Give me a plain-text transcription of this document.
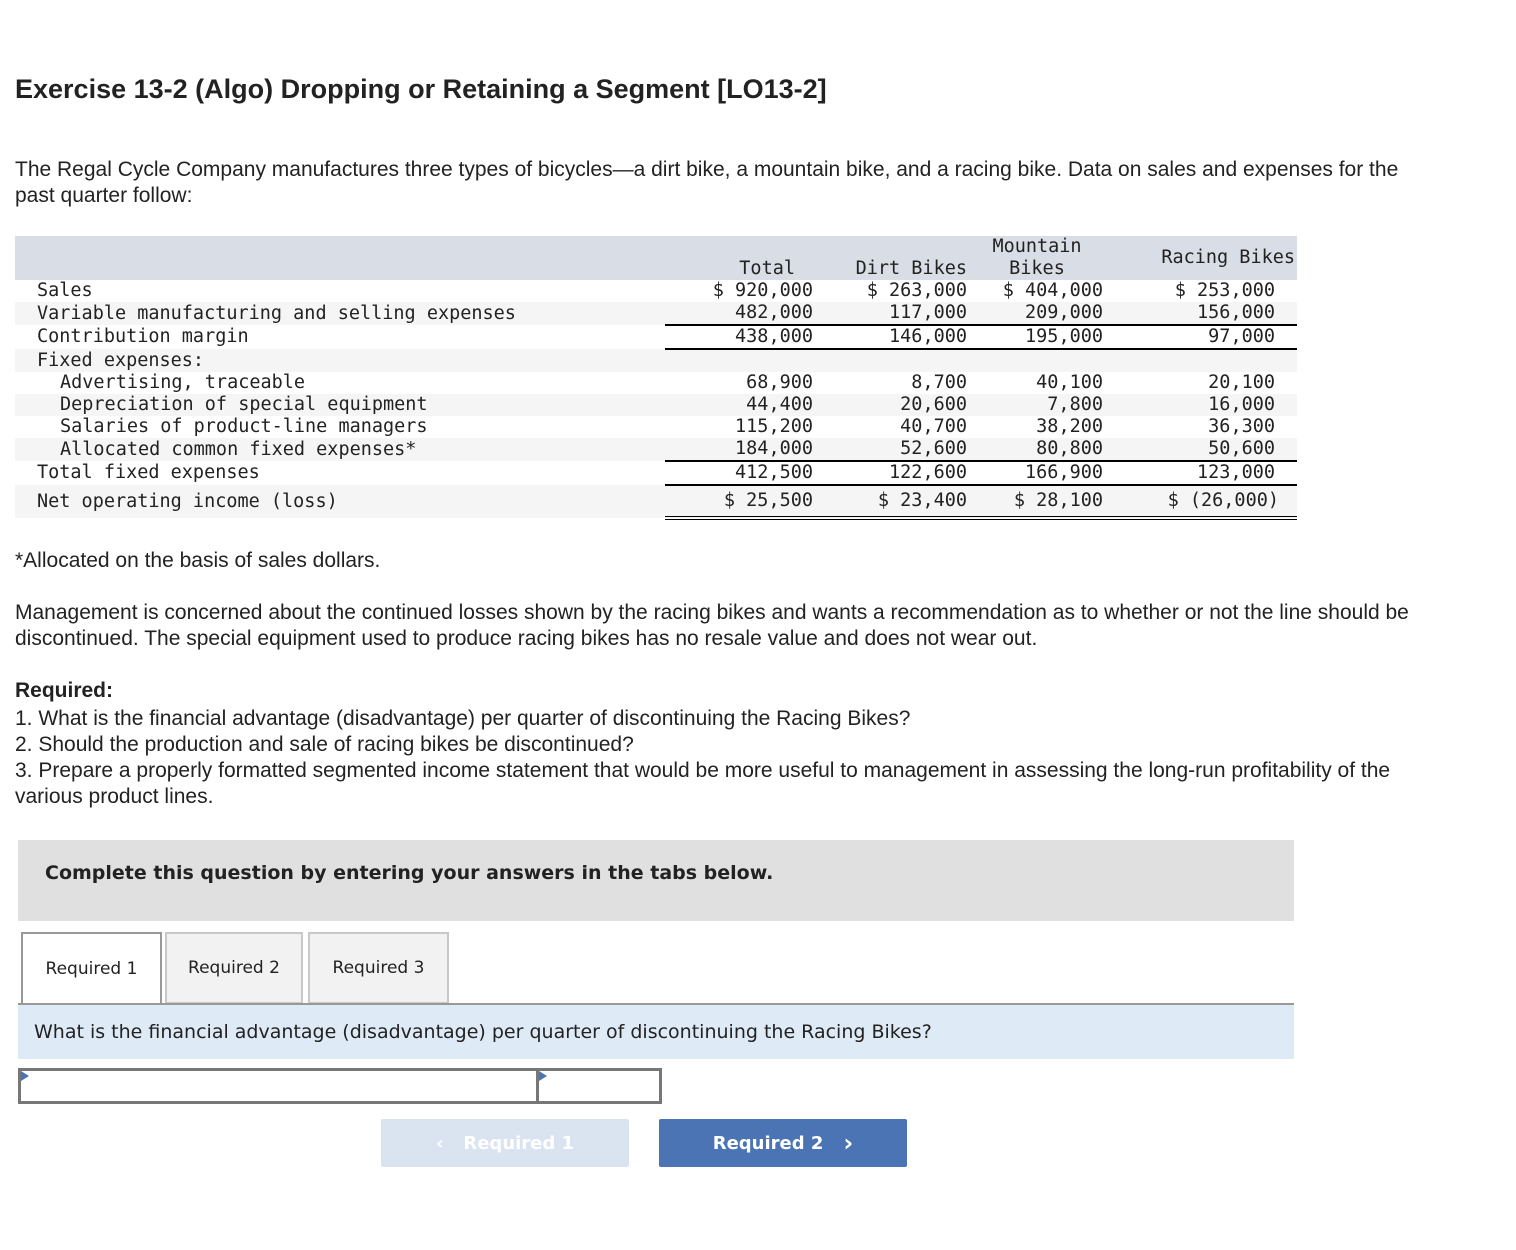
Exercise 13-2 (Algo) Dropping or Retaining a Segment [LO13-2]

The Regal Cycle Company manufactures three types of bicycles—a dirt bike, a mountain bike, and a racing bike. Data on sales and expenses for the past quarter follow:

	Total	Dirt Bikes	Mountain Bikes	Racing Bikes
Sales	$ 920,000	$ 263,000	$ 404,000	$ 253,000
Variable manufacturing and selling expenses	482,000	117,000	209,000	156,000
Contribution margin	438,000	146,000	195,000	97,000
Fixed expenses:				
Advertising, traceable	68,900	8,700	40,100	20,100
Depreciation of special equipment	44,400	20,600	7,800	16,000
Salaries of product-line managers	115,200	40,700	38,200	36,300
Allocated common fixed expenses*	184,000	52,600	80,800	50,600
Total fixed expenses	412,500	122,600	166,900	123,000
Net operating income (loss)	$ 25,500	$ 23,400	$ 28,100	$ (26,000)

*Allocated on the basis of sales dollars.

Management is concerned about the continued losses shown by the racing bikes and wants a recommendation as to whether or not the line should be discontinued. The special equipment used to produce racing bikes has no resale value and does not wear out.

Required:

1. What is the financial advantage (disadvantage) per quarter of discontinuing the Racing Bikes?

2. Should the production and sale of racing bikes be discontinued?

3. Prepare a properly formatted segmented income statement that would be more useful to management in assessing the long-run profitability of the various product lines.

Complete this question by entering your answers in the tabs below.
Required 1	Required 2	Required 3
What is the financial advantage (disadvantage) per quarter of discontinuing the Racing Bikes?
‹ Required 1	Required 2 ›
